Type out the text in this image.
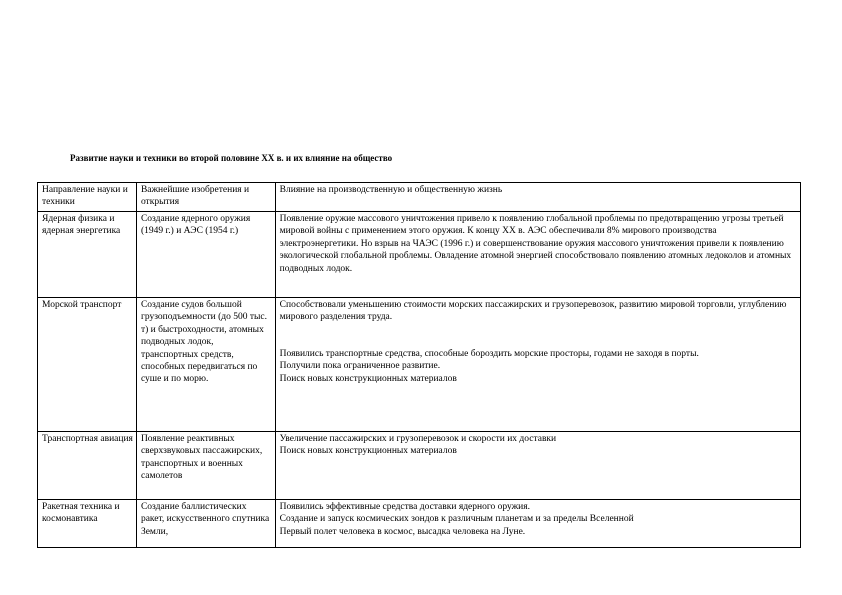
Развитие науки и техники во второй половине XX в. и их влияние на общество
Направление науки и техники	Важнейшие изобретения и открытия	Влияние на производственную и общественную жизнь
Ядерная физика и ядерная энергетика	Создание ядерного оружия (1949 г.) и АЭС (1954 г.)	Появление оружие массового уничтожения привело к появлению глобальной проблемы по предотвращению угрозы третьей мировой войны с применением этого оружия. К концу XX в. АЭС обеспечивали 8% мирового производства электроэнергетики. Но взрыв на ЧАЭС (1996 г.) и совершенствование оружия массового уничтожения привели к появлению экологической глобальной проблемы. Овладение атомной энергией способствовало появлению атомных ледоколов и атомных подводных лодок.

Морской транспорт	Создание судов большой грузоподъемности (до 500 тыс. т) и быстроходности, атомных подводных лодок, транспортных средств, способных передвигаться по суше и по морю.	Способствовали уменьшению стоимости морских пассажирских и грузоперевозок, развитию мировой торговли, углублению мирового разделения труда.
Появились транспортные средства, способные бороздить морские просторы, годами не заходя в порты.
Получили пока ограниченное развитие.
Поиск новых конструкционных материалов

Транспортная авиация	Появление реактивных сверхзвуковых пассажирских, транспортных и военных самолетов	Увеличение пассажирских и грузоперевозок и скорости их доставки
Поиск новых конструкционных материалов

Ракетная техника и космонавтика	Создание баллистических ракет, искусственного спутника Земли,	Появились эффективные средства доставки ядерного оружия.
Создание и запуск космических зондов к различным планетам и за пределы Вселенной
Первый полет человека в космос, высадка человека на Луне.
